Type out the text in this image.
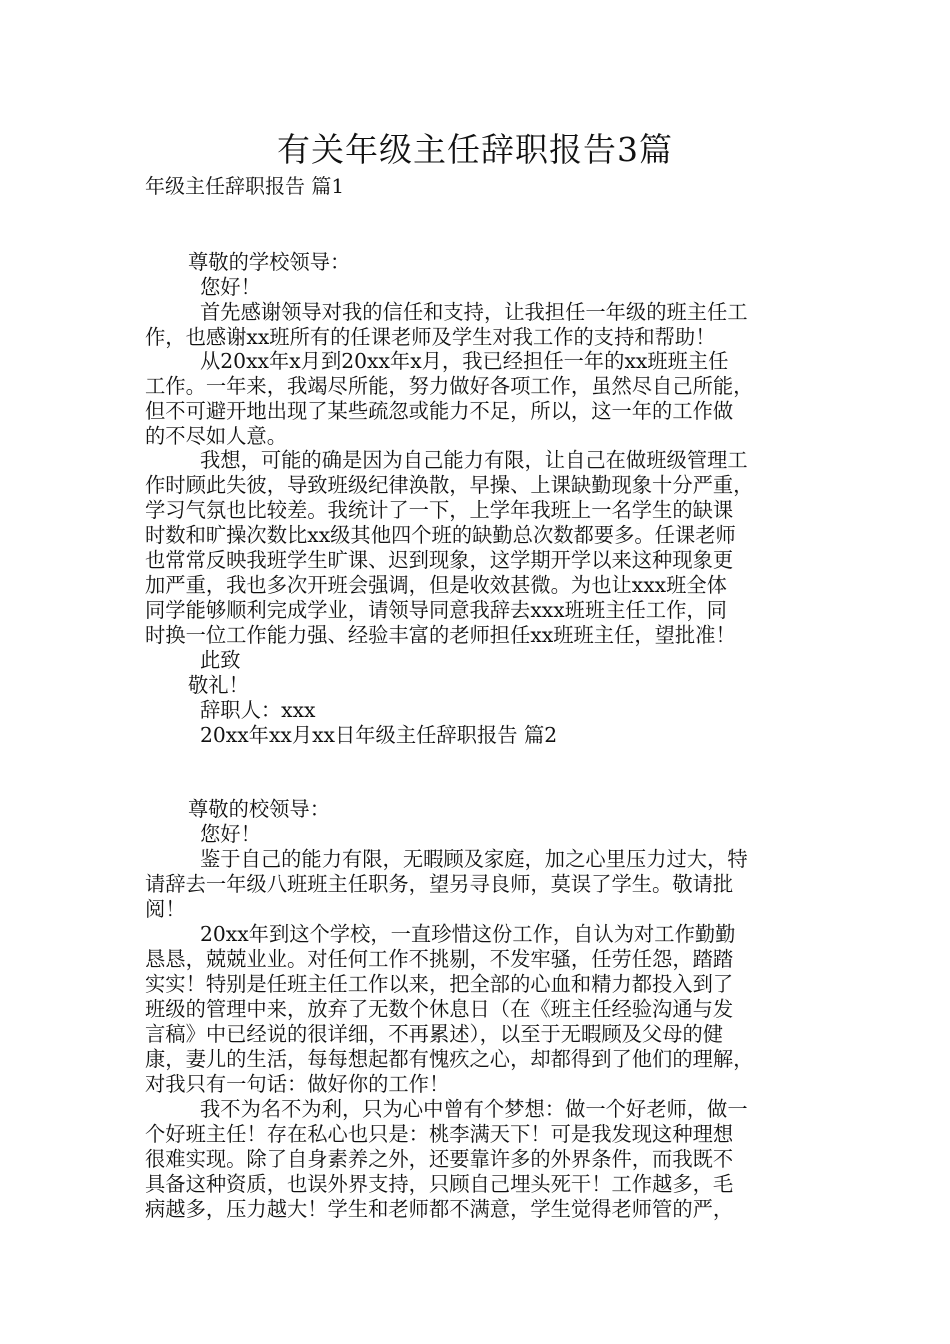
有关年级主任辞职报告3篇
年级主任辞职报告 篇1
尊敬的学校领导：
您好！
首先感谢领导对我的信任和支持，让我担任一年级的班主任工
作，也感谢xx班所有的任课老师及学生对我工作的支持和帮助！
从20xx年x月到20xx年x月，我已经担任一年的xx班班主任
工作。一年来，我竭尽所能，努力做好各项工作，虽然尽自己所能，
但不可避开地出现了某些疏忽或能力不足，所以，这一年的工作做
的不尽如人意。
我想，可能的确是因为自己能力有限，让自己在做班级管理工
作时顾此失彼，导致班级纪律涣散，早操、上课缺勤现象十分严重，
学习气氛也比较差。我统计了一下，上学年我班上一名学生的缺课
时数和旷操次数比xx级其他四个班的缺勤总次数都要多。任课老师
也常常反映我班学生旷课、迟到现象，这学期开学以来这种现象更
加严重，我也多次开班会强调，但是收效甚微。为也让xxx班全体
同学能够顺利完成学业，请领导同意我辞去xxx班班主任工作，同
时换一位工作能力强、经验丰富的老师担任xx班班主任，望批准！
此致
敬礼！
辞职人：xxx
20xx年xx月xx日年级主任辞职报告 篇2
尊敬的校领导：
您好！
鉴于自己的能力有限，无暇顾及家庭，加之心里压力过大，特
请辞去一年级八班班主任职务，望另寻良师，莫误了学生。敬请批
阅！
20xx年到这个学校，一直珍惜这份工作，自认为对工作勤勤
恳恳，兢兢业业。对任何工作不挑剔，不发牢骚，任劳任怨，踏踏
实实！特别是任班主任工作以来，把全部的心血和精力都投入到了
班级的管理中来，放弃了无数个休息日（在《班主任经验沟通与发
言稿》中已经说的很详细，不再累述），以至于无暇顾及父母的健
康，妻儿的生活，每每想起都有愧疚之心，却都得到了他们的理解，
对我只有一句话：做好你的工作！
我不为名不为利，只为心中曾有个梦想：做一个好老师，做一
个好班主任！存在私心也只是：桃李满天下！可是我发现这种理想
很难实现。除了自身素养之外，还要靠许多的外界条件，而我既不
具备这种资质，也误外界支持，只顾自己埋头死干！工作越多，毛
病越多，压力越大！学生和老师都不满意，学生觉得老师管的严，
